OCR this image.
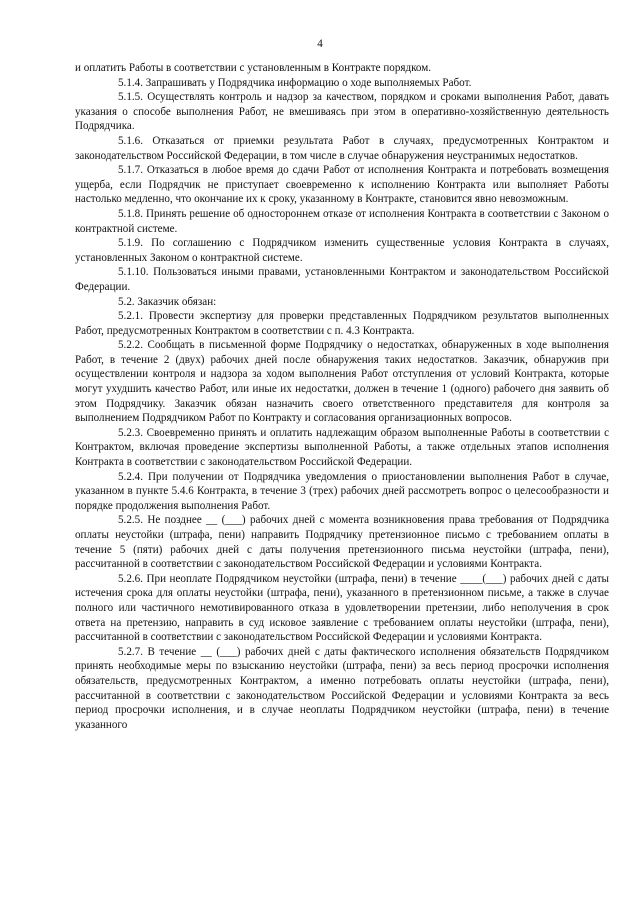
4

и оплатить Работы в соответствии с установленным в Контракте порядком.

5.1.4. Запрашивать у Подрядчика информацию о ходе выполняемых Работ.

5.1.5. Осуществлять контроль и надзор за качеством, порядком и сроками выполнения Работ, давать указания о способе выполнения Работ, не вмешиваясь при этом в оперативно-хозяйственную деятельность Подрядчика.

5.1.6. Отказаться от приемки результата Работ в случаях, предусмотренных Контрактом и законодательством Российской Федерации, в том числе в случае обнаружения неустранимых недостатков.

5.1.7. Отказаться в любое время до сдачи Работ от исполнения Контракта и потребовать возмещения ущерба, если Подрядчик не приступает своевременно к исполнению Контракта или выполняет Работы настолько медленно, что окончание их к сроку, указанному в Контракте, становится явно невозможным.

5.1.8. Принять решение об одностороннем отказе от исполнения Контракта в соответствии с Законом о контрактной системе.

5.1.9. По соглашению с Подрядчиком изменить существенные условия Контракта в случаях, установленных Законом о контрактной системе.

5.1.10. Пользоваться иными правами, установленными Контрактом и законодательством Российской Федерации.

5.2. Заказчик обязан:

5.2.1. Провести экспертизу для проверки представленных Подрядчиком результатов выполненных Работ, предусмотренных Контрактом в соответствии с п. 4.3 Контракта.

5.2.2. Сообщать в письменной форме Подрядчику о недостатках, обнаруженных в ходе выполнения Работ, в течение 2 (двух) рабочих дней после обнаружения таких недостатков. Заказчик, обнаружив при осуществлении контроля и надзора за ходом выполнения Работ отступления от условий Контракта, которые могут ухудшить качество Работ, или иные их недостатки, должен в течение 1 (одного) рабочего дня заявить об этом Подрядчику. Заказчик обязан назначить своего ответственного представителя для контроля за выполнением Подрядчиком Работ по Контракту и согласования организационных вопросов.

5.2.3. Своевременно принять и оплатить надлежащим образом выполненные Работы в соответствии с Контрактом, включая проведение экспертизы выполненной Работы, а также отдельных этапов исполнения Контракта в соответствии с законодательством Российской Федерации.

5.2.4. При получении от Подрядчика уведомления о приостановлении выполнения Работ в случае, указанном в пункте 5.4.6 Контракта, в течение 3 (трех) рабочих дней рассмотреть вопрос о целесообразности и порядке продолжения выполнения Работ.

5.2.5. Не позднее __ (___) рабочих дней с момента возникновения права требования от Подрядчика оплаты неустойки (штрафа, пени) направить Подрядчику претензионное письмо с требованием оплаты в течение 5 (пяти) рабочих дней с даты получения претензионного письма неустойки (штрафа, пени), рассчитанной в соответствии с законодательством Российской Федерации и условиями Контракта.

5.2.6. При неоплате Подрядчиком неустойки (штрафа, пени) в течение ____(___) рабочих дней с даты истечения срока для оплаты неустойки (штрафа, пени), указанного в претензионном письме, а также в случае полного или частичного немотивированного отказа в удовлетворении претензии, либо неполучения в срок ответа на претензию, направить в суд исковое заявление с требованием оплаты неустойки (штрафа, пени), рассчитанной в соответствии с законодательством Российской Федерации и условиями Контракта.

5.2.7. В течение __ (___) рабочих дней с даты фактического исполнения обязательств Подрядчиком принять необходимые меры по взысканию неустойки (штрафа, пени) за весь период просрочки исполнения обязательств, предусмотренных Контрактом, а именно потребовать оплаты неустойки (штрафа, пени), рассчитанной в соответствии с законодательством Российской Федерации и условиями Контракта за весь период просрочки исполнения, и в случае неоплаты Подрядчиком неустойки (штрафа, пени) в течение указанного
